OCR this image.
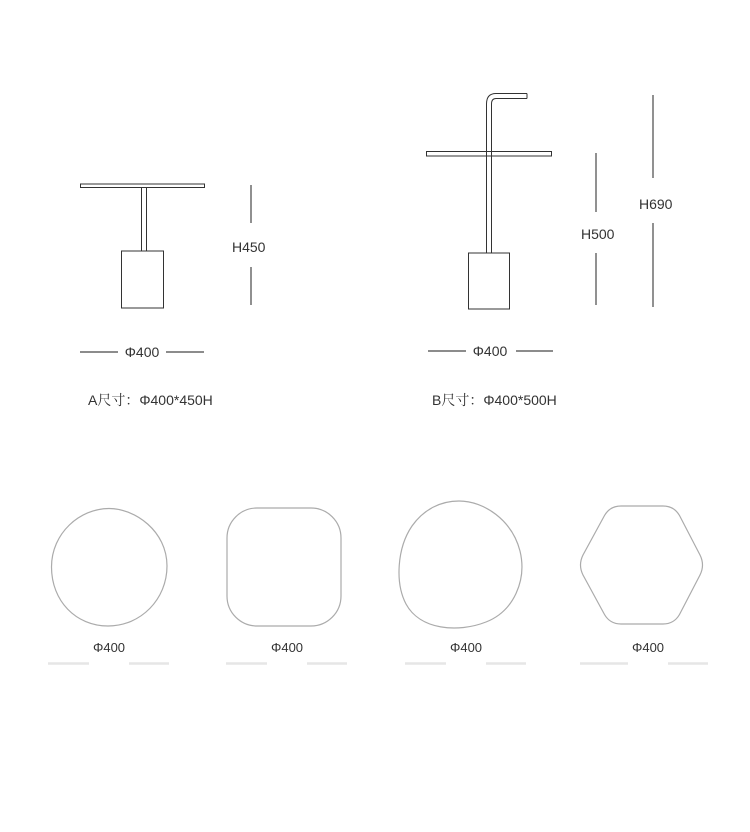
H450
Φ400
A尺寸：Φ400*450H
H500
H690
Φ400
B尺寸：Φ400*500H
Φ400	Φ400	Φ400	Φ400
